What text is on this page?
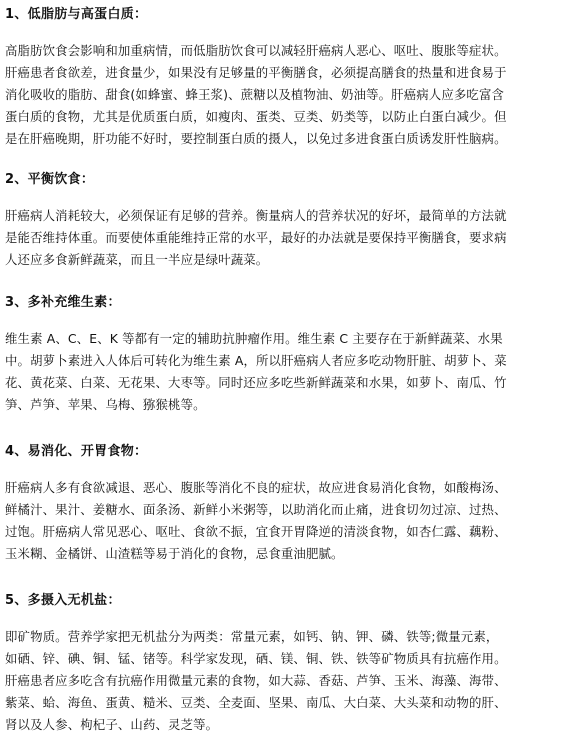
1、低脂肪与高蛋白质：

高脂肪饮食会影响和加重病情，而低脂肪饮食可以减轻肝癌病人恶心、呕吐、腹胀等症状。

肝癌患者食欲差，进食量少，如果没有足够量的平衡膳食，必须提高膳食的热量和进食易于

消化吸收的脂肪、甜食(如蜂蜜、蜂王浆)、蔗糖以及植物油、奶油等。肝癌病人应多吃富含

蛋白质的食物，尤其是优质蛋白质，如瘦肉、蛋类、豆类、奶类等，以防止白蛋白减少。但

是在肝癌晚期，肝功能不好时，要控制蛋白质的摄人，以免过多进食蛋白质诱发肝性脑病。

2、平衡饮食：

肝癌病人消耗较大，必须保证有足够的营养。衡量病人的营养状况的好坏，最简单的方法就

是能否维持体重。而要使体重能维持正常的水平，最好的办法就是要保持平衡膳食，要求病

人还应多食新鲜蔬菜，而且一半应是绿叶蔬菜。

3、多补充维生素：

维生素 A、C、E、K 等都有一定的辅助抗肿瘤作用。维生素 C 主要存在于新鲜蔬菜、水果

中。胡萝卜素进入人体后可转化为维生素 A，所以肝癌病人者应多吃动物肝脏、胡萝卜、菜

花、黄花菜、白菜、无花果、大枣等。同时还应多吃些新鲜蔬菜和水果，如萝卜、南瓜、竹

笋、芦笋、苹果、乌梅、猕猴桃等。

4、易消化、开胃食物：

肝癌病人多有食欲减退、恶心、腹胀等消化不良的症状，故应进食易消化食物，如酸梅汤、

鲜橘汁、果汁、姜糖水、面条汤、新鲜小米粥等，以助消化而止痛，进食切勿过凉、过热、

过饱。肝癌病人常见恶心、呕吐、食欲不振，宜食开胃降逆的清淡食物，如杏仁露、藕粉、

玉米糊、金橘饼、山渣糕等易于消化的食物，忌食重油肥腻。

5、多摄入无机盐：

即矿物质。营养学家把无机盐分为两类：常量元素，如钙、钠、钾、磷、铁等;微量元素，

如硒、锌、碘、铜、锰、锗等。科学家发现，硒、镁、铜、铁、铁等矿物质具有抗癌作用。

肝癌患者应多吃含有抗癌作用微量元素的食物，如大蒜、香菇、芦笋、玉米、海藻、海带、

紫菜、蛤、海鱼、蛋黄、糙米、豆类、全麦面、坚果、南瓜、大白菜、大头菜和动物的肝、

肾以及人参、枸杞子、山药、灵芝等。
